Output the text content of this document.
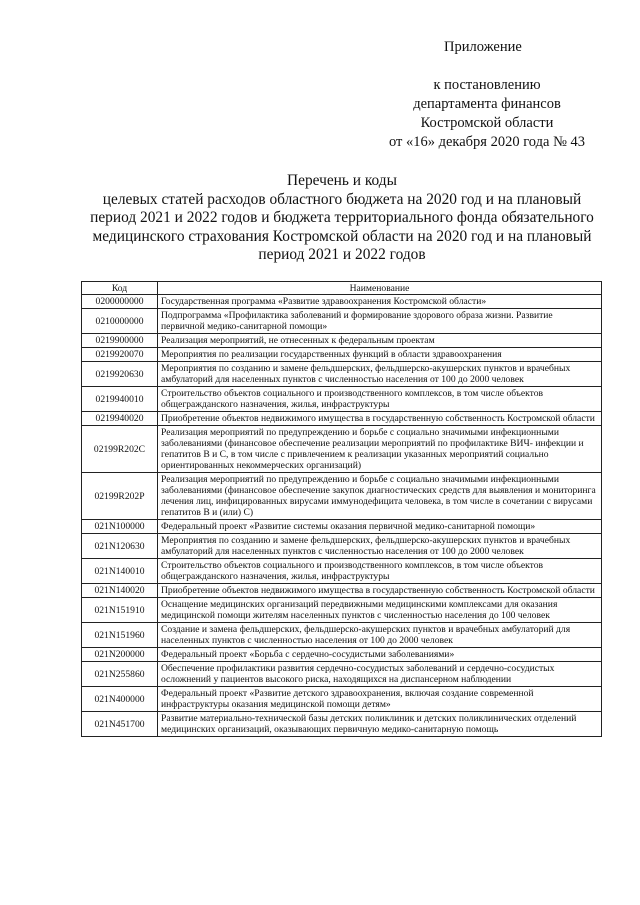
Приложение
к постановлению
департамента финансов
Костромской области
от «16» декабря 2020 года № 43
Перечень и коды
целевых статей расходов областного бюджета на 2020 год и на плановый
период 2021 и 2022 годов и бюджета территориального фонда обязательного
медицинского страхования Костромской области на 2020 год и на плановый
период 2021 и 2022 годов
Код	Наименование
0200000000	Государственная программа «Развитие здравоохранения Костромской области»
0210000000	Подпрограмма «Профилактика заболеваний и формирование здорового образа жизни. Развитие первичной медико-санитарной помощи»
0219900000	Реализация мероприятий, не отнесенных к федеральным проектам
0219920070	Мероприятия по реализации государственных функций в области здравоохранения
0219920630	Мероприятия по созданию и замене фельдшерских, фельдшерско-акушерских пунктов и врачебных амбулаторий для населенных пунктов с численностью населения от 100 до 2000 человек
0219940010	Строительство объектов социального и производственного комплексов, в том числе объектов общегражданского назначения, жилья, инфраструктуры
0219940020	Приобретение объектов недвижимого имущества в государственную собственность Костромской области
02199R202C	Реализация мероприятий по предупреждению и борьбе с социально значимыми инфекционными заболеваниями (финансовое обеспечение реализации мероприятий по профилактике ВИЧ- инфекции и гепатитов В и С, в том числе с привлечением к реализации указанных мероприятий социально ориентированных некоммерческих организаций)
02199R202P	Реализация мероприятий по предупреждению и борьбе с социально значимыми инфекционными заболеваниями (финансовое обеспечение закупок диагностических средств для выявления и мониторинга лечения лиц, инфицированных вирусами иммунодефицита человека, в том числе в сочетании с вирусами гепатитов В и (или) С)
021N100000	Федеральный проект «Развитие системы оказания первичной медико-санитарной помощи»
021N120630	Мероприятия по созданию и замене фельдшерских, фельдшерско-акушерских пунктов и врачебных амбулаторий для населенных пунктов с численностью населения от 100 до 2000 человек
021N140010	Строительство объектов социального и производственного комплексов, в том числе объектов общегражданского назначения, жилья, инфраструктуры
021N140020	Приобретение объектов недвижимого имущества в государственную собственность Костромской области
021N151910	Оснащение медицинских организаций передвижными медицинскими комплексами для оказания медицинской помощи жителям населенных пунктов с численностью населения до 100 человек
021N151960	Создание и замена фельдшерских, фельдшерско-акушерских пунктов и врачебных амбулаторий для населенных пунктов с численностью населения от 100 до 2000 человек
021N200000	Федеральный проект «Борьба с сердечно-сосудистыми заболеваниями»
021N255860	Обеспечение профилактики развития сердечно-сосудистых заболеваний и сердечно-сосудистых осложнений у пациентов высокого риска, находящихся на диспансерном наблюдении
021N400000	Федеральный проект «Развитие детского здравоохранения, включая создание современной инфраструктуры оказания медицинской помощи детям»
021N451700	Развитие материально-технической базы детских поликлиник и детских поликлинических отделений медицинских организаций, оказывающих первичную медико-санитарную помощь
